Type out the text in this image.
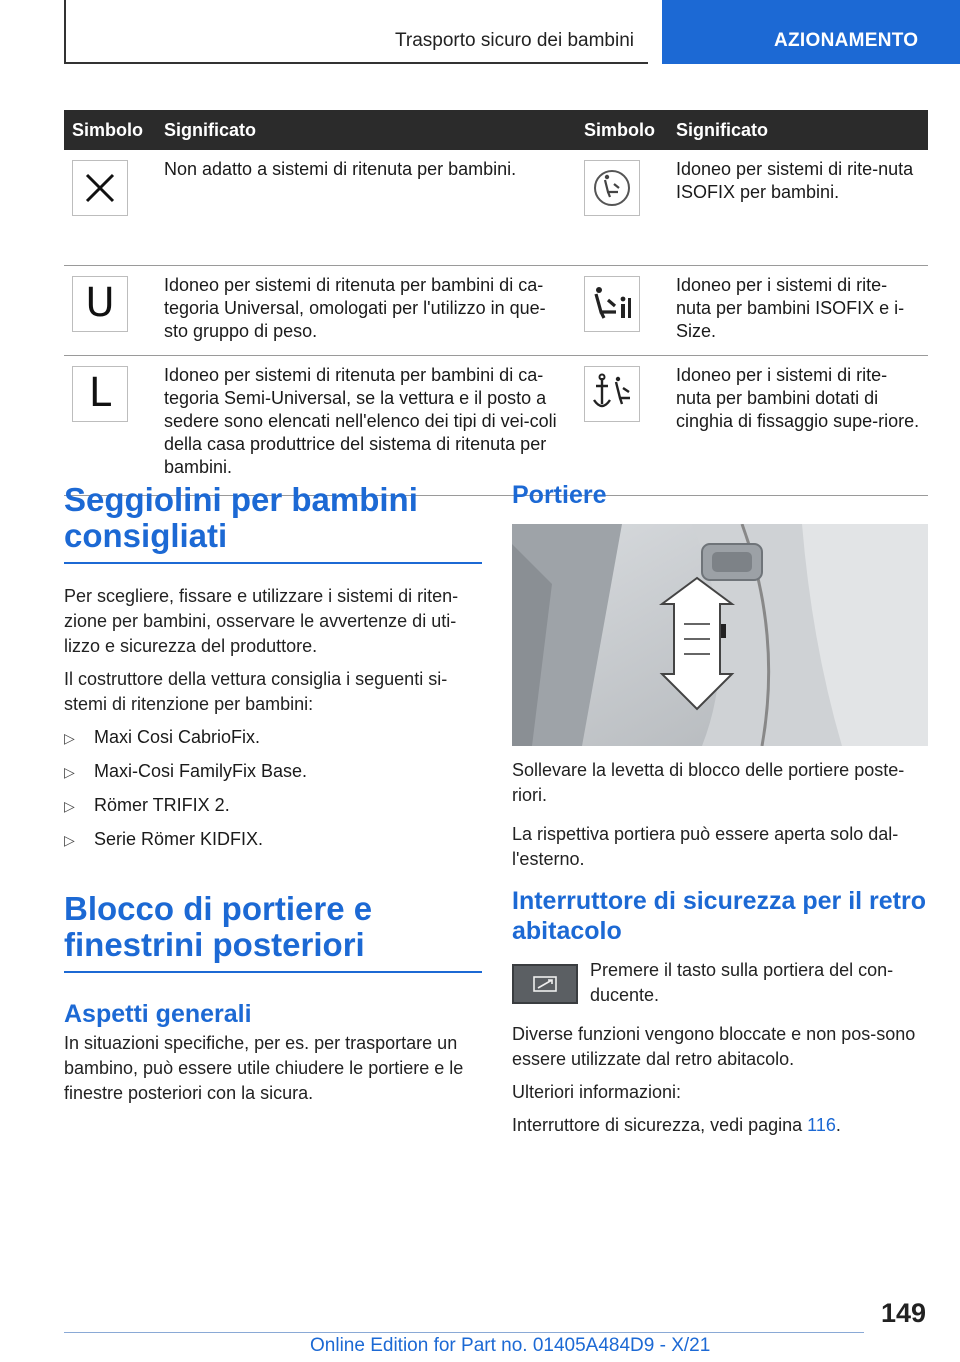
Trasporto sicuro dei bambini	AZIONAMENTO
Simbolo	Significato	Simbolo	Significato

	Non adatto a sistemi di ritenuta per bambini.		Idoneo per sistemi di rite-nuta ISOFIX per bambini.

U	Idoneo per sistemi di ritenuta per bambini di ca-tegoria Universal, omologati per l'utilizzo in que-sto gruppo di peso.		Idoneo per i sistemi di rite-nuta per bambini ISOFIX e i-Size.

L	Idoneo per sistemi di ritenuta per bambini di ca-tegoria Semi-Universal, se la vettura e il posto a sedere sono elencati nell'elenco dei tipi di vei-coli della casa produttrice del sistema di ritenuta per bambini.		Idoneo per i sistemi di rite-nuta per bambini dotati di cinghia di fissaggio supe-riore.
Seggiolini per bambini consigliati

Per scegliere, fissare e utilizzare i sistemi di riten-zione per bambini, osservare le avvertenze di uti-lizzo e sicurezza del produttore.

Il costruttore della vettura consiglia i seguenti si-stemi di ritenzione per bambini:

▷	Maxi Cosi CabrioFix.
▷	Maxi-Cosi FamilyFix Base.
▷	Römer TRIFIX 2.
▷	Serie Römer KIDFIX.
Blocco di portiere e finestrini posteriori
Aspetti generali

In situazioni specifiche, per es. per trasportare un bambino, può essere utile chiudere le portiere e le finestre posteriori con la sicura.

Portiere

Sollevare la levetta di blocco delle portiere poste-riori.

La rispettiva portiera può essere aperta solo dal-l'esterno.

Interruttore di sicurezza per il retro abitacolo

Premere il tasto sulla portiera del con-ducente.

Diverse funzioni vengono bloccate e non pos-sono essere utilizzate dal retro abitacolo.

Ulteriori informazioni:

Interruttore di sicurezza, vedi pagina 116.

149
Online Edition for Part no. 01405A484D9 - X/21
